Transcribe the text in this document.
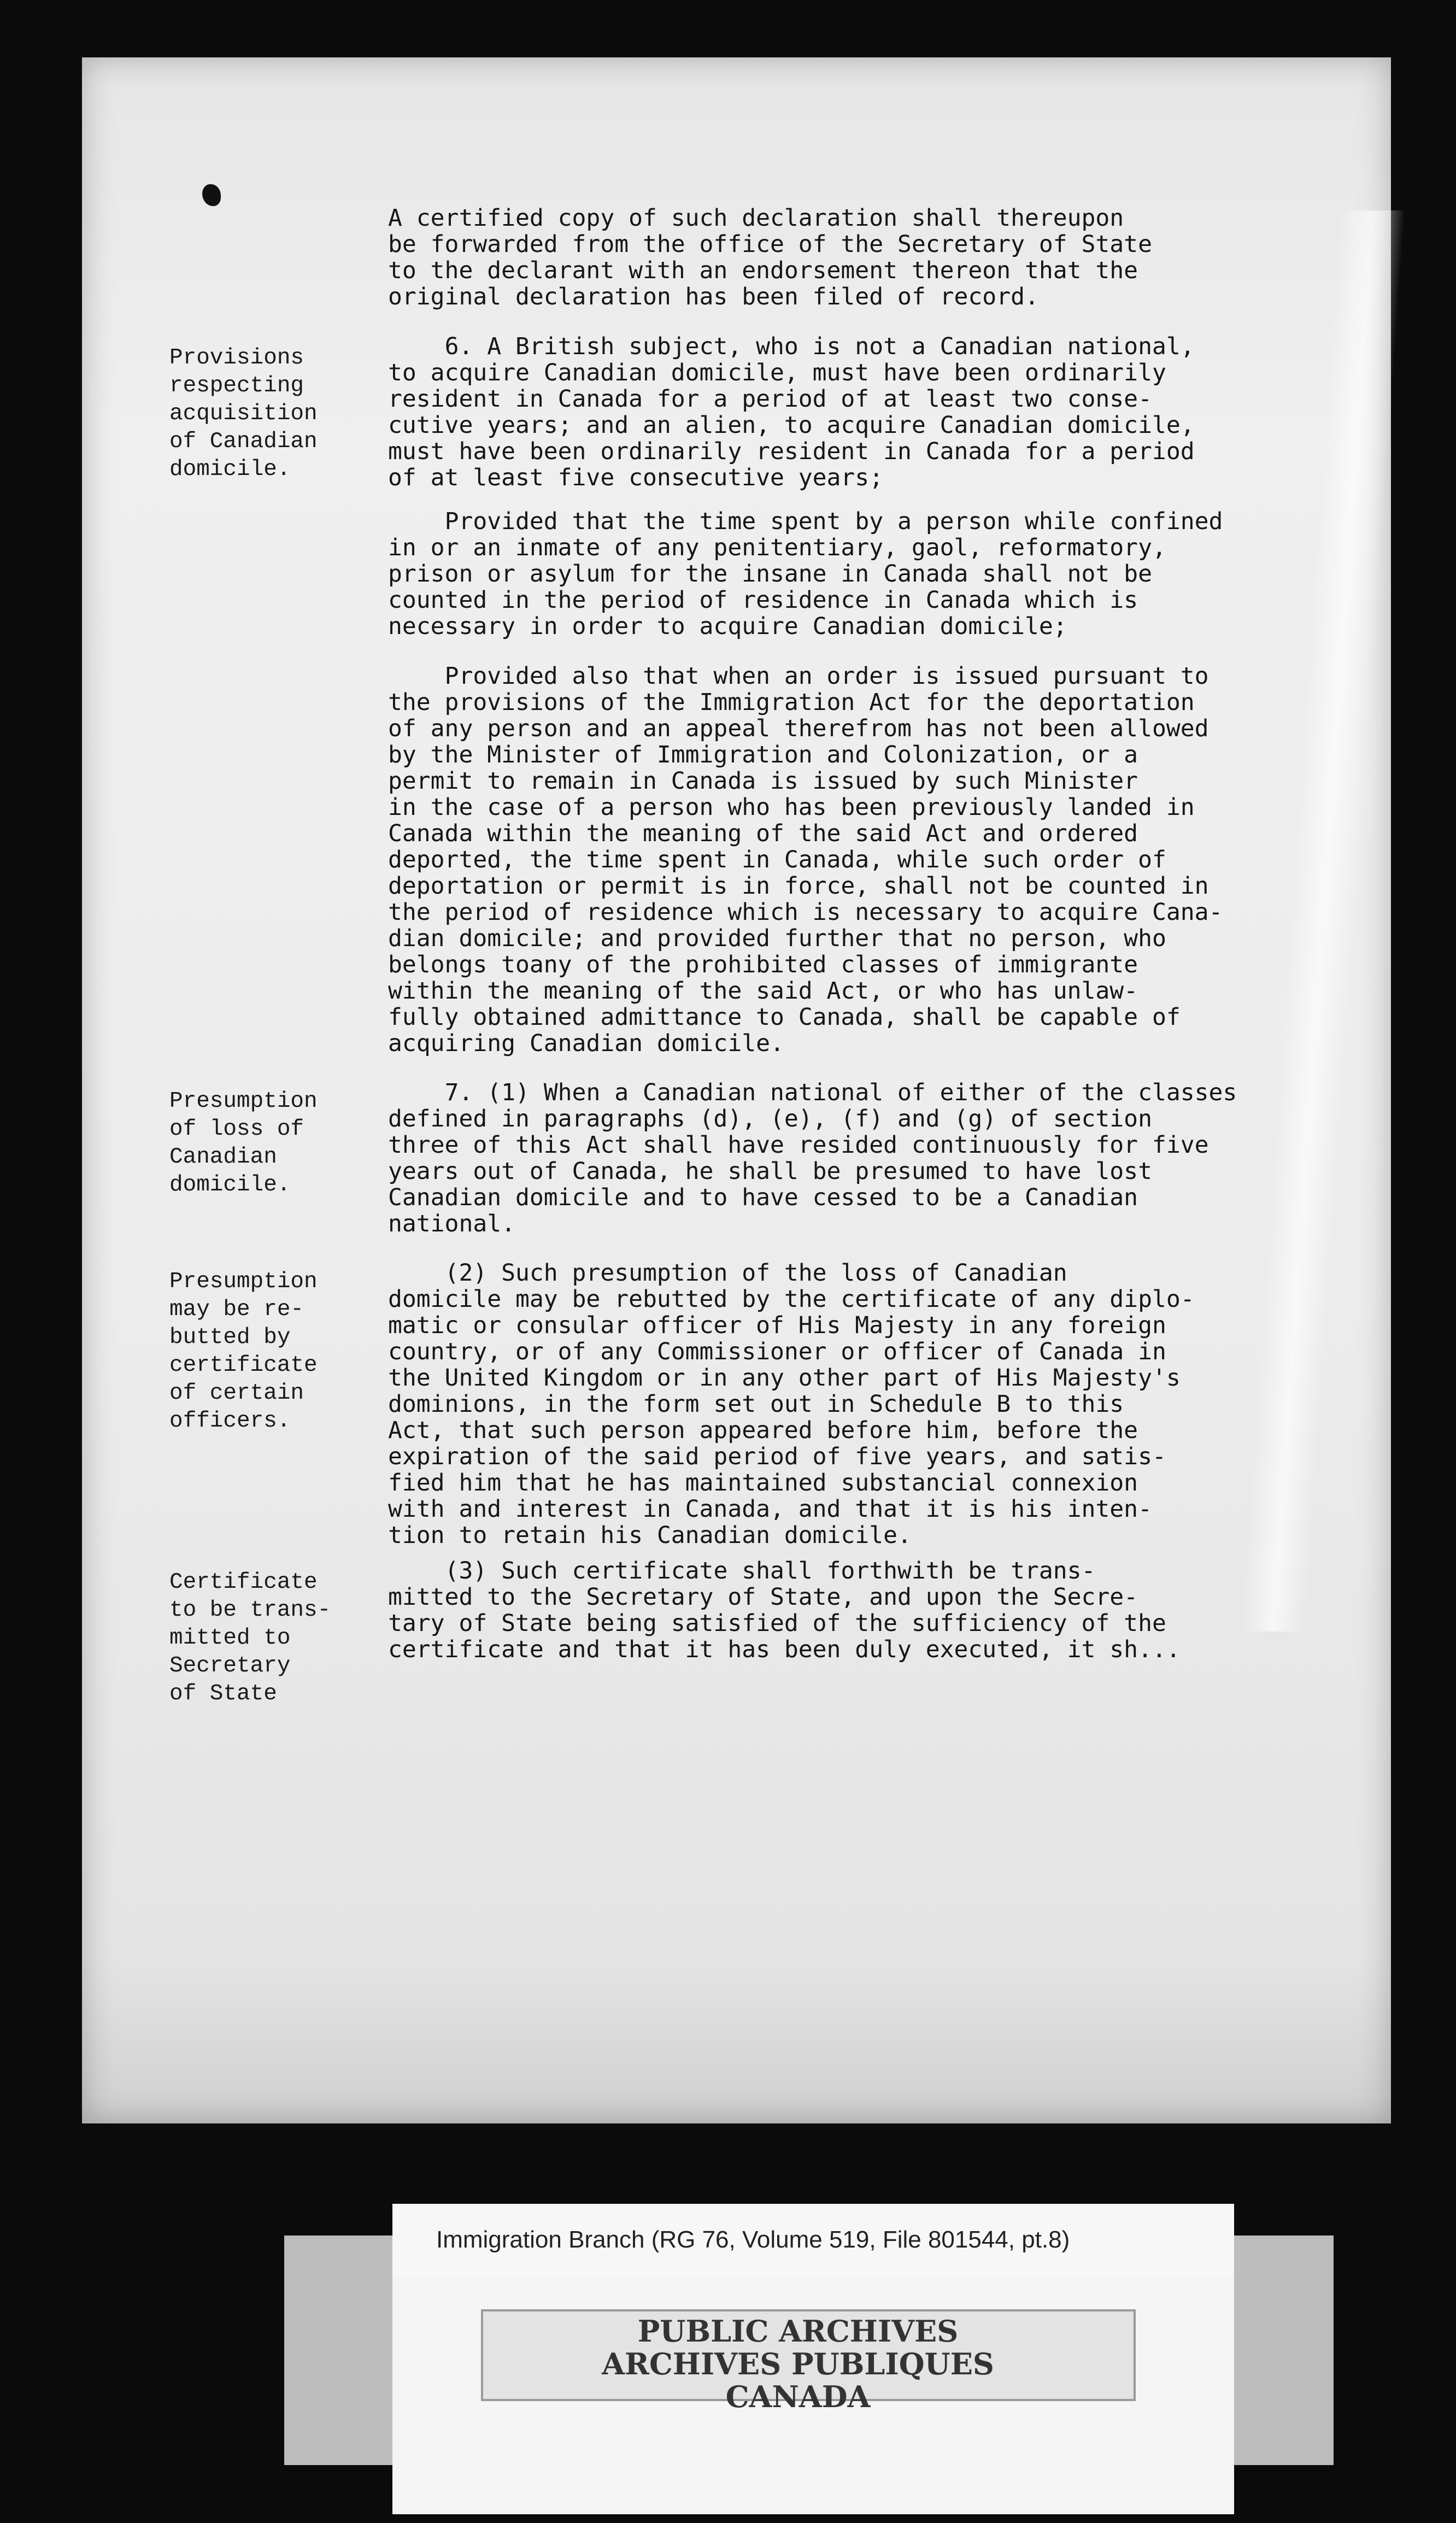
Provisions
respecting
acquisition
of Canadian
domicile.
Presumption
of loss of
Canadian
domicile.
Presumption
may be re-
butted by
certificate
of certain
officers.
Certificate
to be trans-
mitted to
Secretary
of State
A certified copy of such declaration shall thereupon
be forwarded from the office of the Secretary of State
to the declarant with an endorsement thereon that the
original declaration has been filed of record.
6. A British subject, who is not a Canadian national,
to acquire Canadian domicile, must have been ordinarily
resident in Canada for a period of at least two conse-
cutive years; and an alien, to acquire Canadian domicile,
must have been ordinarily resident in Canada for a period
of at least five consecutive years;
Provided that the time spent by a person while confined
in or an inmate of any penitentiary, gaol, reformatory,
prison or asylum for the insane in Canada shall not be
counted in the period of residence in Canada which is
necessary in order to acquire Canadian domicile;
Provided also that when an order is issued pursuant to
the provisions of the Immigration Act for the deportation
of any person and an appeal therefrom has not been allowed
by the Minister of Immigration and Colonization, or a
permit to remain in Canada is issued by such Minister
in the case of a person who has been previously landed in
Canada within the meaning of the said Act and ordered
deported, the time spent in Canada, while such order of
deportation or permit is in force, shall not be counted in
the period of residence which is necessary to acquire Cana-
dian domicile; and provided further that no person, who
belongs toany of the prohibited classes of immigrante
within the meaning of the said Act, or who has unlaw-
fully obtained admittance to Canada, shall be capable of
acquiring Canadian domicile.
7. (1) When a Canadian national of either of the classes
defined in paragraphs (d), (e), (f) and (g) of section
three of this Act shall have resided continuously for five
years out of Canada, he shall be presumed to have lost
Canadian domicile and to have cessed to be a Canadian
national.
(2) Such presumption of the loss of Canadian
domicile may be rebutted by the certificate of any diplo-
matic or consular officer of His Majesty in any foreign
country, or of any Commissioner or officer of Canada in
the United Kingdom or in any other part of His Majesty's
dominions, in the form set out in Schedule B to this
Act, that such person appeared before him, before the
expiration of the said period of five years, and satis-
fied him that he has maintained substancial connexion
with and interest in Canada, and that it is his inten-
tion to retain his Canadian domicile.
(3) Such certificate shall forthwith be trans-
mitted to the Secretary of State, and upon the Secre-
tary of State being satisfied of the sufficiency of the
certificate and that it has been duly executed, it sh...
Immigration Branch (RG 76, Volume 519, File 801544, pt.8)
PUBLIC ARCHIVES
ARCHIVES PUBLIQUES
CANADA
